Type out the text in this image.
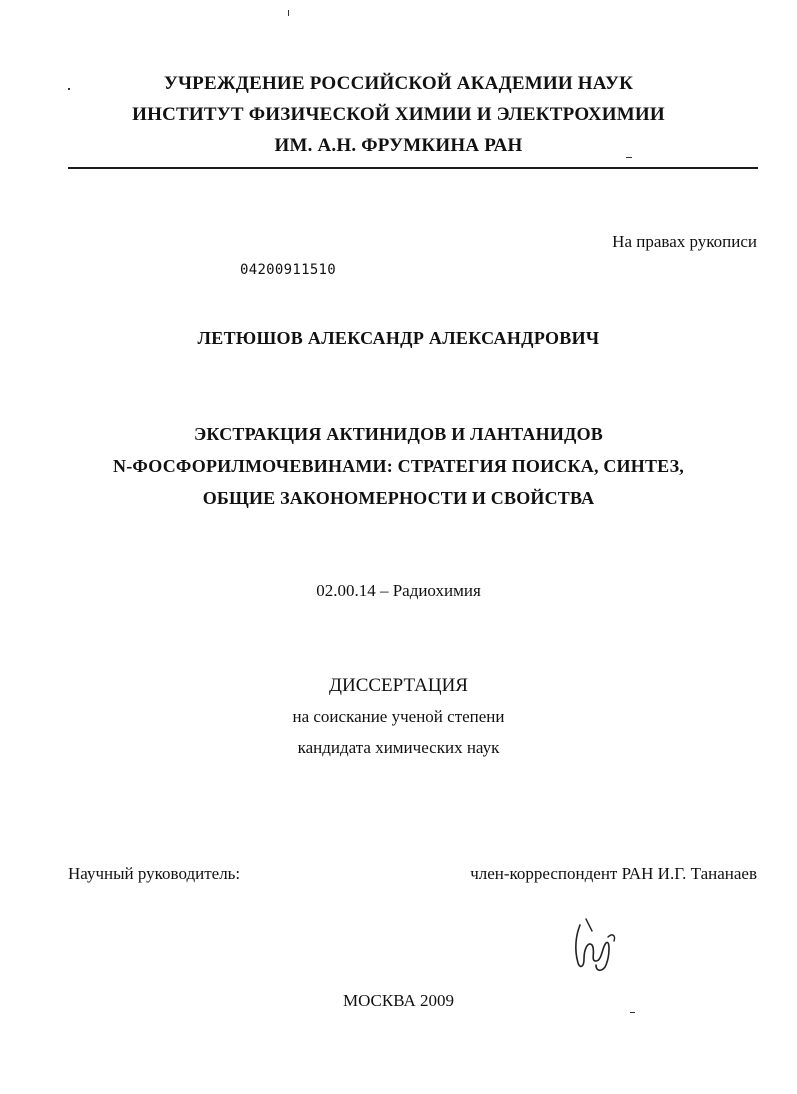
УЧРЕЖДЕНИЕ РОССИЙСКОЙ АКАДЕМИИ НАУК
ИНСТИТУТ ФИЗИЧЕСКОЙ ХИМИИ И ЭЛЕКТРОХИМИИ
ИМ. А.Н. ФРУМКИНА РАН
На правах рукописи
04200911510
ЛЕТЮШОВ АЛЕКСАНДР АЛЕКСАНДРОВИЧ
ЭКСТРАКЦИЯ АКТИНИДОВ И ЛАНТАНИДОВ
N-ФОСФОРИЛМОЧЕВИНАМИ: СТРАТЕГИЯ ПОИСКА, СИНТЕЗ,
ОБЩИЕ ЗАКОНОМЕРНОСТИ И СВОЙСТВА
02.00.14 – Радиохимия
ДИССЕРТАЦИЯ
на соискание ученой степени
кандидата химических наук
Научный руководитель:	член-корреспондент РАН И.Г. Тананаев
МОСКВА 2009
